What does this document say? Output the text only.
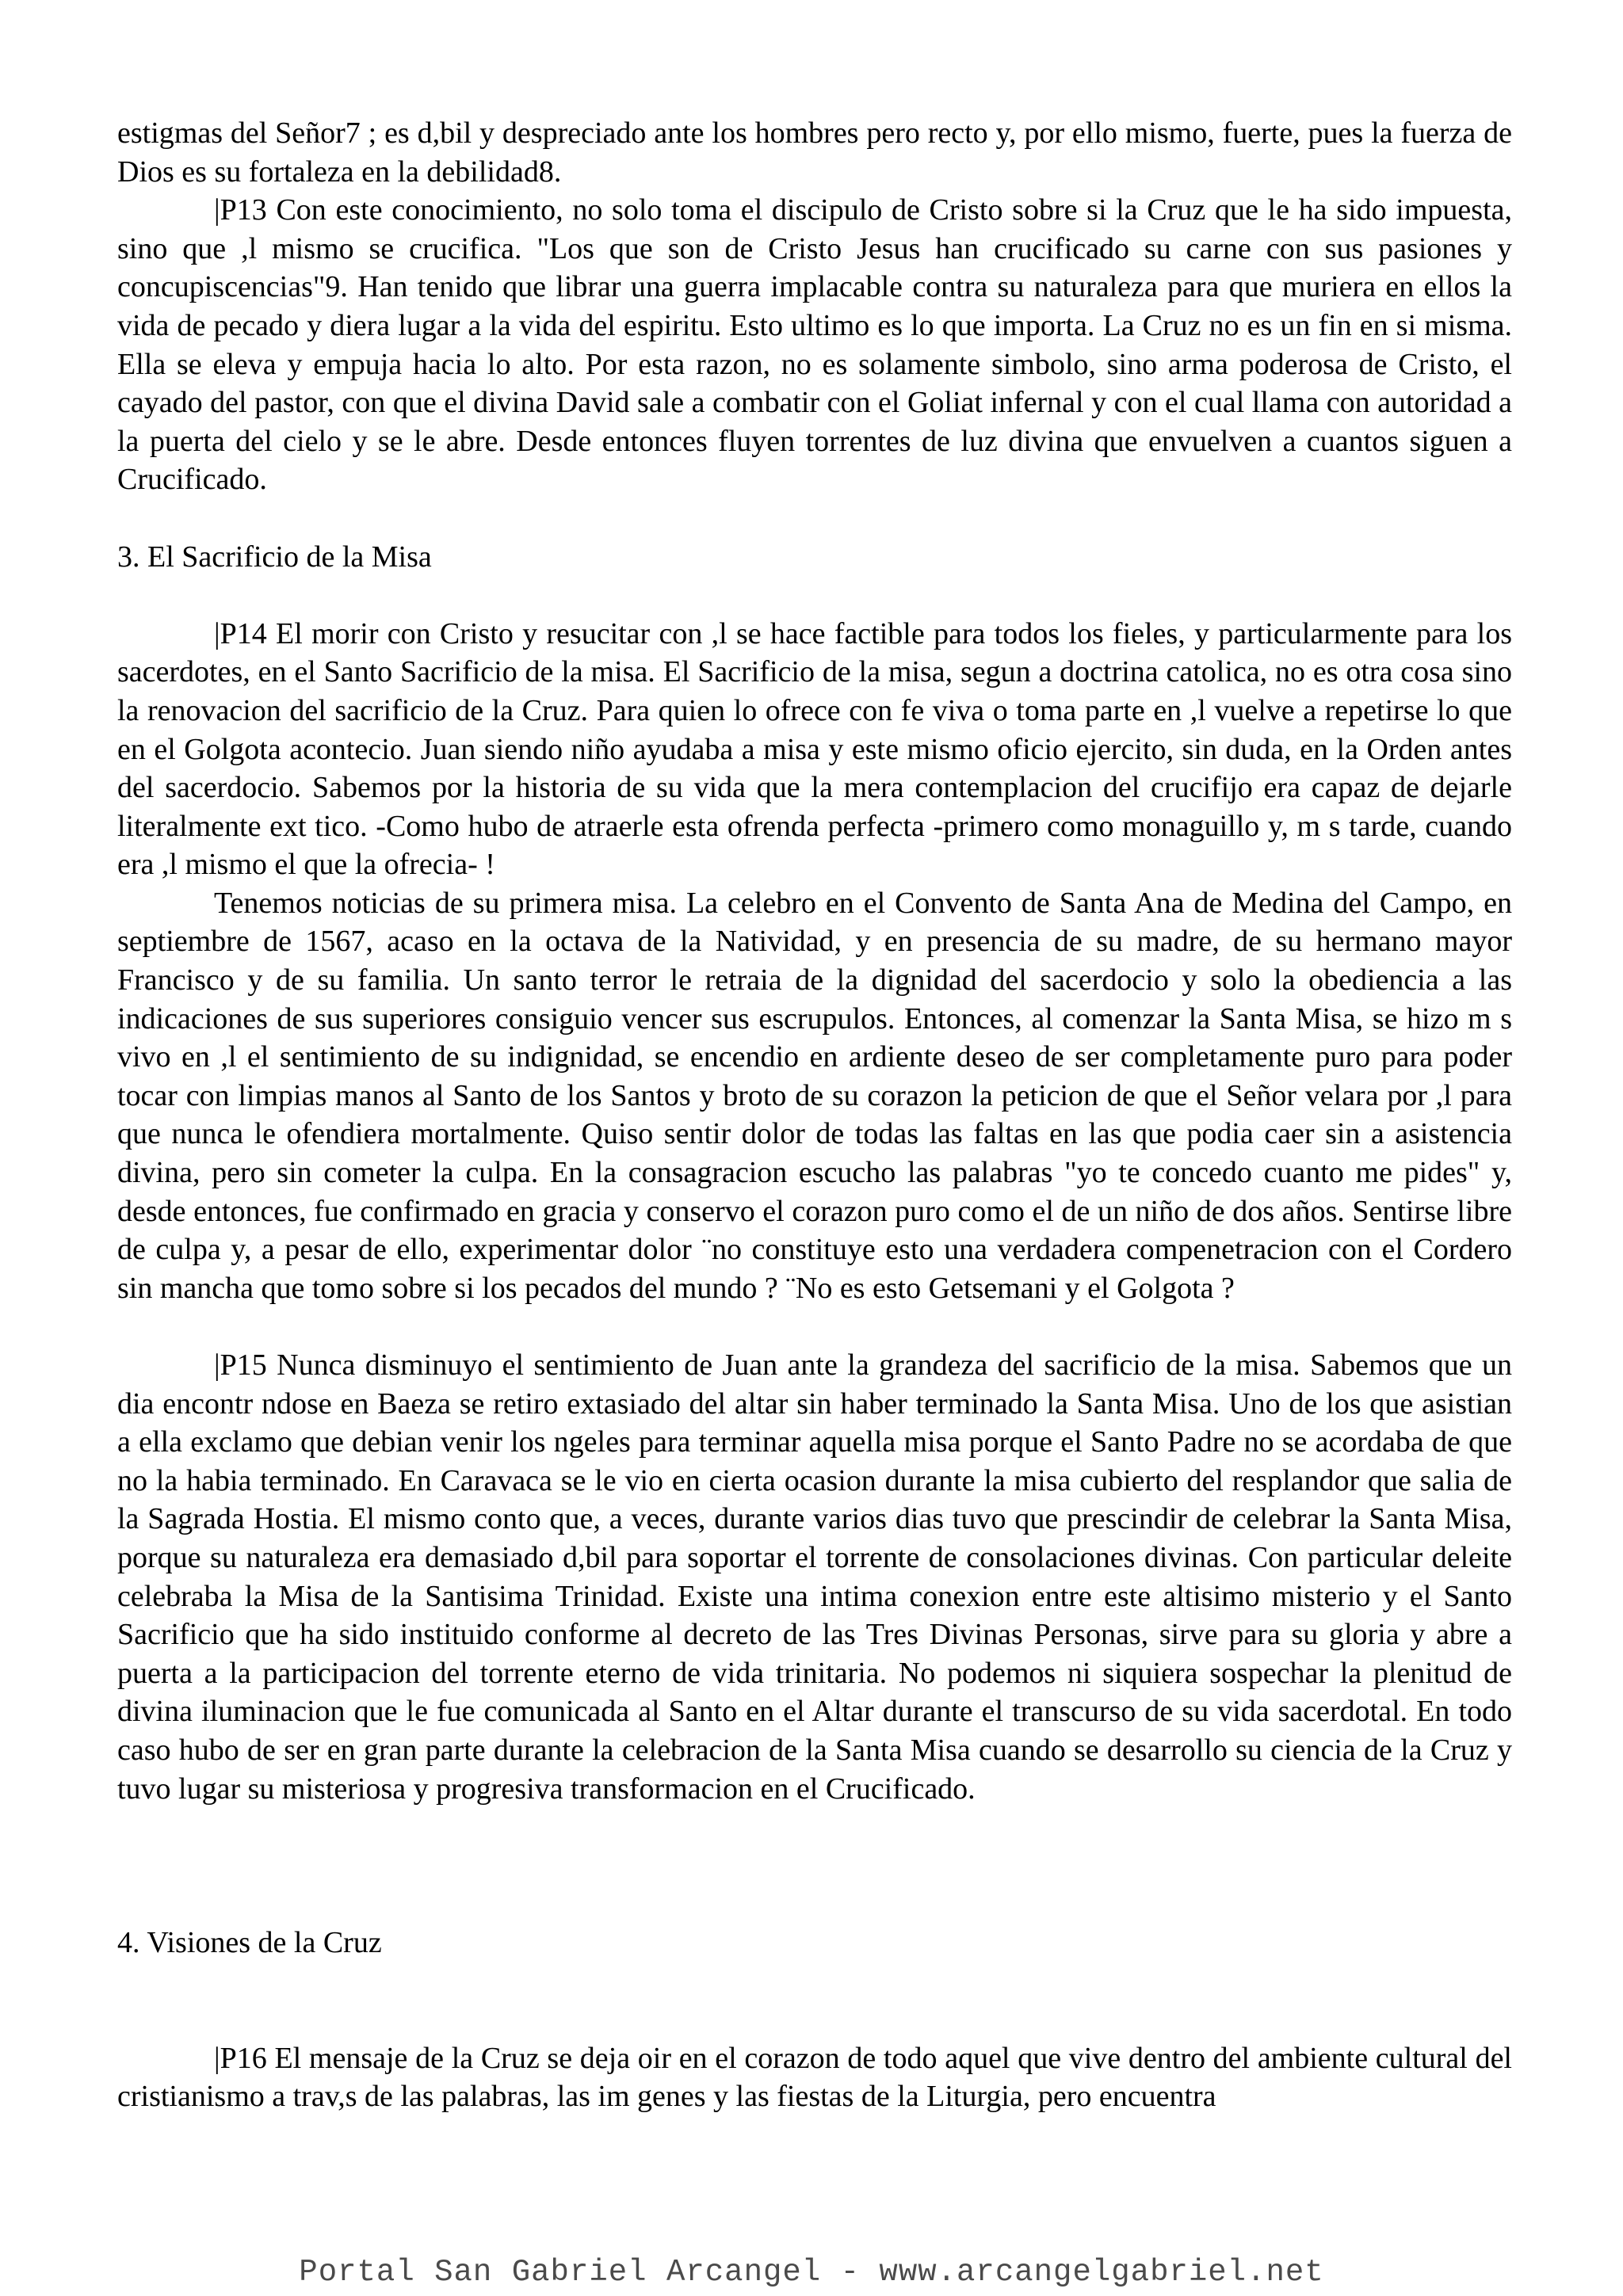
estigmas del Señor7 ; es d,bil y despreciado ante los hombres pero recto y, por ello mismo, fuerte, pues la fuerza de Dios es su fortaleza en la debilidad8.

|P13 Con este conocimiento, no solo toma el discipulo de Cristo sobre si la Cruz que le ha sido impuesta, sino que ,l mismo se crucifica. "Los que son de Cristo Jesus han crucificado su carne con sus pasiones y concupiscencias"9. Han tenido que librar una guerra implacable contra su naturaleza para que muriera en ellos la vida de pecado y diera lugar a la vida del espiritu. Esto ultimo es lo que importa. La Cruz no es un fin en si misma. Ella se eleva y empuja hacia lo alto. Por esta razon, no es solamente simbolo, sino arma poderosa de Cristo, el cayado del pastor, con que el divina David sale a combatir con el Goliat infernal y con el cual llama con autoridad a la puerta del cielo y se le abre. Desde entonces fluyen torrentes de luz divina que envuelven a cuantos siguen a Crucificado.

3. El Sacrificio de la Misa

|P14 El morir con Cristo y resucitar con ,l se hace factible para todos los fieles, y particularmente para los sacerdotes, en el Santo Sacrificio de la misa. El Sacrificio de la misa, segun a doctrina catolica, no es otra cosa sino la renovacion del sacrificio de la Cruz. Para quien lo ofrece con fe viva o toma parte en ,l vuelve a repetirse lo que en el Golgota acontecio. Juan siendo niño ayudaba a misa y este mismo oficio ejercito, sin duda, en la Orden antes del sacerdocio. Sabemos por la historia de su vida que la mera contemplacion del crucifijo era capaz de dejarle literalmente ext tico. -Como hubo de atraerle esta ofrenda perfecta -primero como monaguillo y, m s tarde, cuando era ,l mismo el que la ofrecia- !

Tenemos noticias de su primera misa. La celebro en el Convento de Santa Ana de Medina del Campo, en septiembre de 1567, acaso en la octava de la Natividad, y en presencia de su madre, de su hermano mayor Francisco y de su familia. Un santo terror le retraia de la dignidad del sacerdocio y solo la obediencia a las indicaciones de sus superiores consiguio vencer sus escrupulos. Entonces, al comenzar la Santa Misa, se hizo m s vivo en ,l el sentimiento de su indignidad, se encendio en ardiente deseo de ser completamente puro para poder tocar con limpias manos al Santo de los Santos y broto de su corazon la peticion de que el Señor velara por ,l para que nunca le ofendiera mortalmente. Quiso sentir dolor de todas las faltas en las que podia caer sin a asistencia divina, pero sin cometer la culpa. En la consagracion escucho las palabras "yo te concedo cuanto me pides" y, desde entonces, fue confirmado en gracia y conservo el corazon puro como el de un niño de dos años. Sentirse libre de culpa y, a pesar de ello, experimentar dolor ¨no constituye esto una verdadera compenetracion con el Cordero sin mancha que tomo sobre si los pecados del mundo ? ¨No es esto Getsemani y el Golgota ?

|P15 Nunca disminuyo el sentimiento de Juan ante la grandeza del sacrificio de la misa. Sabemos que un dia encontr ndose en Baeza se retiro extasiado del altar sin haber terminado la Santa Misa. Uno de los que asistian a ella exclamo que debian venir los ngeles para terminar aquella misa porque el Santo Padre no se acordaba de que no la habia terminado. En Caravaca se le vio en cierta ocasion durante la misa cubierto del resplandor que salia de la Sagrada Hostia. El mismo conto que, a veces, durante varios dias tuvo que prescindir de celebrar la Santa Misa, porque su naturaleza era demasiado d,bil para soportar el torrente de consolaciones divinas. Con particular deleite celebraba la Misa de la Santisima Trinidad. Existe una intima conexion entre este altisimo misterio y el Santo Sacrificio que ha sido instituido conforme al decreto de las Tres Divinas Personas, sirve para su gloria y abre a puerta a la participacion del torrente eterno de vida trinitaria. No podemos ni siquiera sospechar la plenitud de divina iluminacion que le fue comunicada al Santo en el Altar durante el transcurso de su vida sacerdotal. En todo caso hubo de ser en gran parte durante la celebracion de la Santa Misa cuando se desarrollo su ciencia de la Cruz y tuvo lugar su misteriosa y progresiva transformacion en el Crucificado.

4. Visiones de la Cruz

|P16 El mensaje de la Cruz se deja oir en el corazon de todo aquel que vive dentro del ambiente cultural del cristianismo a trav,s de las palabras, las im genes y las fiestas de la Liturgia, pero encuentra

Portal San Gabriel Arcangel - www.arcangelgabriel.net
